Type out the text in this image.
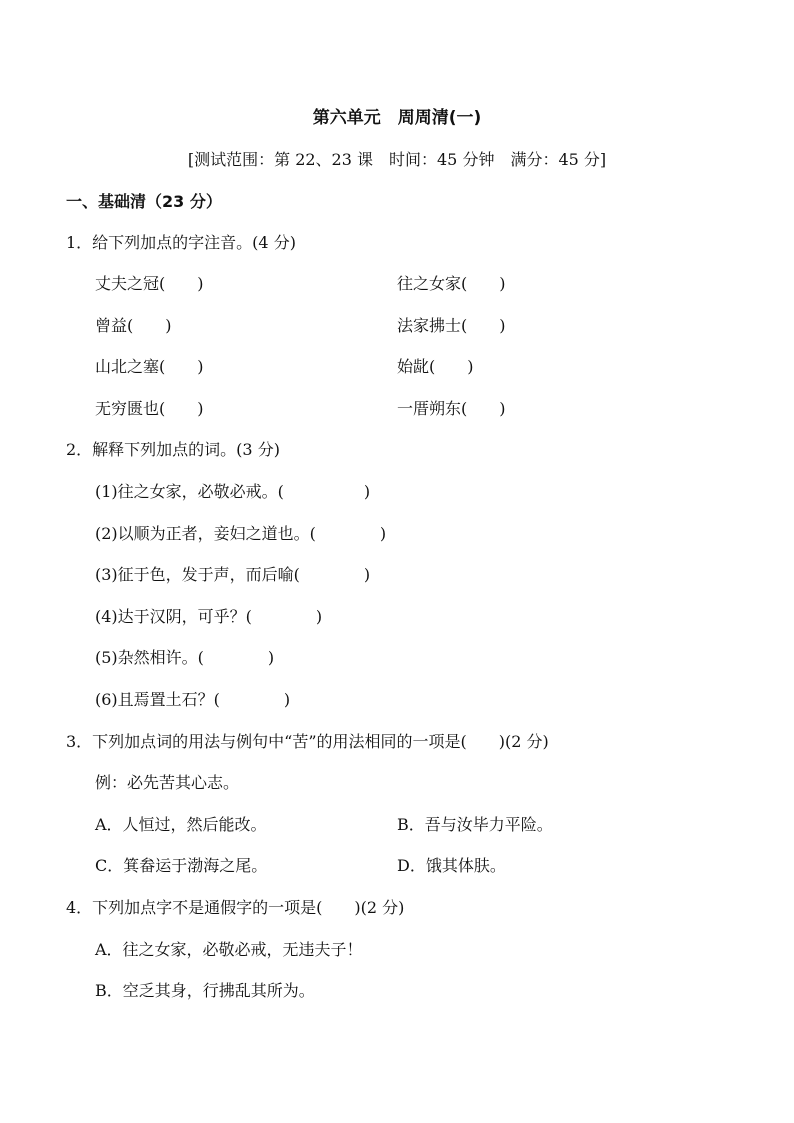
第六单元　周周清(一)
[测试范围：第 22、23 课　时间：45 分钟　满分：45 分]
一、基础清（23 分）
1．给下列加点的字注音。(4 分)
丈夫之冠(　　)	往之女家(　　)
曾益(　　)	法家拂士(　　)
山北之塞(　　)	始龀(　　)
无穷匮也(　　)	一厝朔东(　　)
2．解释下列加点的词。(3 分)
(1)往之女家，必敬必戒。(　　　　　)
(2)以顺为正者，妾妇之道也。(　　　　)
(3)征于色，发于声，而后喻(　　　　)
(4)达于汉阴，可乎？(　　　　)
(5)杂然相许。(　　　　)
(6)且焉置土石？(　　　　)
3．下列加点词的用法与例句中“苦”的用法相同的一项是(　　)(2 分)
例：必先苦其心志。
A．人恒过，然后能改。	B．吾与汝毕力平险。
C．箕畚运于渤海之尾。	D．饿其体肤。
4．下列加点字不是通假字的一项是(　　)(2 分)
A．往之女家，必敬必戒，无违夫子！
B．空乏其身，行拂乱其所为。
